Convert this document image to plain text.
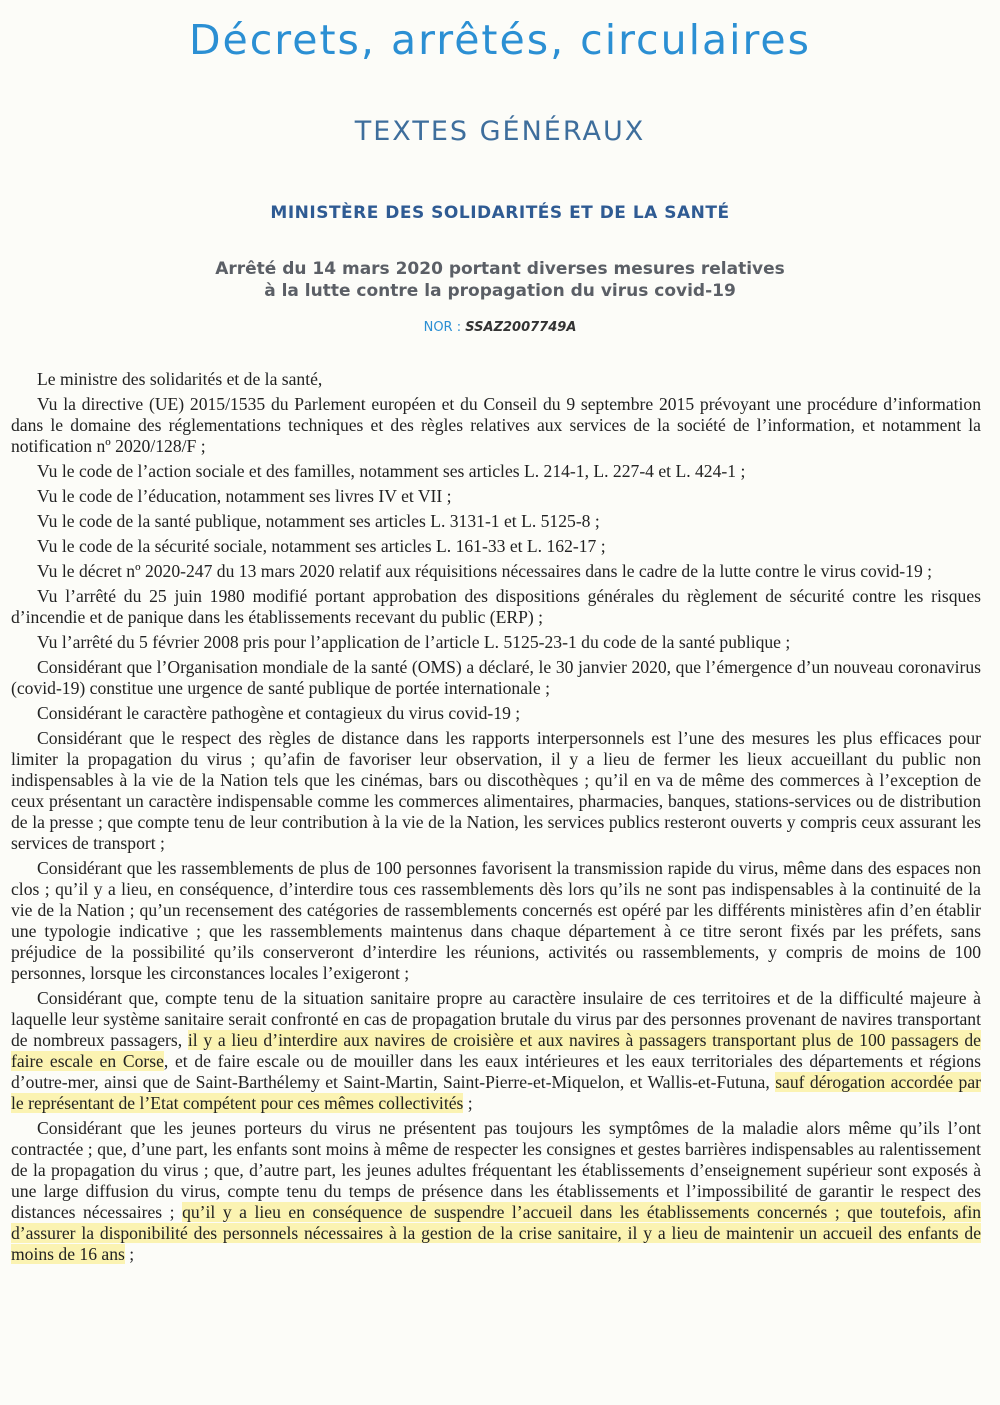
Décrets, arrêtés, circulaires
TEXTES GÉNÉRAUX
MINISTÈRE DES SOLIDARITÉS ET DE LA SANTÉ
Arrêté du 14 mars 2020 portant diverses mesures relatives
à la lutte contre la propagation du virus covid-19
NOR : SSAZ2007749A

Le ministre des solidarités et de la santé,

Vu la directive (UE) 2015/1535 du Parlement européen et du Conseil du 9 septembre 2015 prévoyant une procédure d’information dans le domaine des réglementations techniques et des règles relatives aux services de la société de l’information, et notamment la notification nº 2020/128/F ;

Vu le code de l’action sociale et des familles, notamment ses articles L. 214-1, L. 227-4 et L. 424-1 ;

Vu le code de l’éducation, notamment ses livres IV et VII ;

Vu le code de la santé publique, notamment ses articles L. 3131-1 et L. 5125-8 ;

Vu le code de la sécurité sociale, notamment ses articles L. 161-33 et L. 162-17 ;

Vu le décret nº 2020-247 du 13 mars 2020 relatif aux réquisitions nécessaires dans le cadre de la lutte contre le virus covid-19 ;

Vu l’arrêté du 25 juin 1980 modifié portant approbation des dispositions générales du règlement de sécurité contre les risques d’incendie et de panique dans les établissements recevant du public (ERP) ;

Vu l’arrêté du 5 février 2008 pris pour l’application de l’article L. 5125-23-1 du code de la santé publique ;

Considérant que l’Organisation mondiale de la santé (OMS) a déclaré, le 30 janvier 2020, que l’émergence d’un nouveau coronavirus (covid-19) constitue une urgence de santé publique de portée internationale ;

Considérant le caractère pathogène et contagieux du virus covid-19 ;

Considérant que le respect des règles de distance dans les rapports interpersonnels est l’une des mesures les plus efficaces pour limiter la propagation du virus ; qu’afin de favoriser leur observation, il y a lieu de fermer les lieux accueillant du public non indispensables à la vie de la Nation tels que les cinémas, bars ou discothèques ; qu’il en va de même des commerces à l’exception de ceux présentant un caractère indispensable comme les commerces alimentaires, pharmacies, banques, stations-services ou de distribution de la presse ; que compte tenu de leur contribution à la vie de la Nation, les services publics resteront ouverts y compris ceux assurant les services de transport ;

Considérant que les rassemblements de plus de 100 personnes favorisent la transmission rapide du virus, même dans des espaces non clos ; qu’il y a lieu, en conséquence, d’interdire tous ces rassemblements dès lors qu’ils ne sont pas indispensables à la continuité de la vie de la Nation ; qu’un recensement des catégories de rassemblements concernés est opéré par les différents ministères afin d’en établir une typologie indicative ; que les rassemblements maintenus dans chaque département à ce titre seront fixés par les préfets, sans préjudice de la possibilité qu’ils conserveront d’interdire les réunions, activités ou rassemblements, y compris de moins de 100 personnes, lorsque les circonstances locales l’exigeront ;

Considérant que, compte tenu de la situation sanitaire propre au caractère insulaire de ces territoires et de la difficulté majeure à laquelle leur système sanitaire serait confronté en cas de propagation brutale du virus par des personnes provenant de navires transportant de nombreux passagers, il y a lieu d’interdire aux navires de croisière et aux navires à passagers transportant plus de 100 passagers de faire escale en Corse, et de faire escale ou de mouiller dans les eaux intérieures et les eaux territoriales des départements et régions d’outre-mer, ainsi que de Saint-Barthélemy et Saint-Martin, Saint-Pierre-et-Miquelon, et Wallis-et-Futuna, sauf dérogation accordée par le représentant de l’Etat compétent pour ces mêmes collectivités ;

Considérant que les jeunes porteurs du virus ne présentent pas toujours les symptômes de la maladie alors même qu’ils l’ont contractée ; que, d’une part, les enfants sont moins à même de respecter les consignes et gestes barrières indispensables au ralentissement de la propagation du virus ; que, d’autre part, les jeunes adultes fréquentant les établissements d’enseignement supérieur sont exposés à une large diffusion du virus, compte tenu du temps de présence dans les établissements et l’impossibilité de garantir le respect des distances nécessaires ; qu’il y a lieu en conséquence de suspendre l’accueil dans les établissements concernés ; que toutefois, afin d’assurer la disponibilité des personnels nécessaires à la gestion de la crise sanitaire, il y a lieu de maintenir un accueil des enfants de moins de 16 ans ;
